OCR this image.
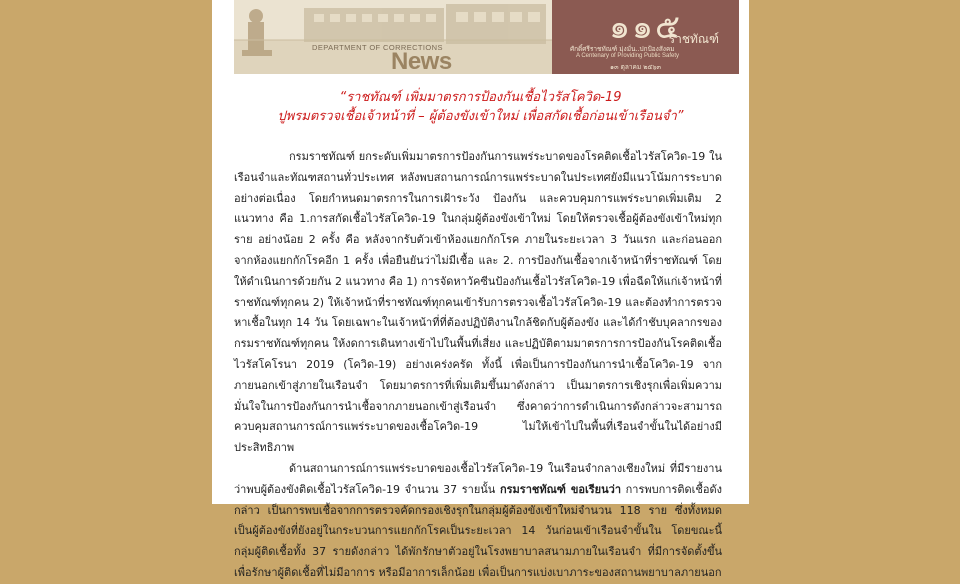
DEPARTMENT OF CORRECTIONS
News
๑๑๕
ราชทัณฑ์
ศักดิ์ศรีราชทัณฑ์ มุ่งมั่น..ปกป้องสังคม
A Centenary of Providing Public Safety
๑๓ ตุลาคม ๒๕๖๓
“ราชทัณฑ์ เพิ่มมาตรการป้องกันเชื้อไวรัสโควิด-19
ปูพรมตรวจเชื้อเจ้าหน้าที่ – ผู้ต้องขังเข้าใหม่ เพื่อสกัดเชื้อก่อนเข้าเรือนจำ”

กรมราชทัณฑ์ ยกระดับเพิ่มมาตรการป้องกันการแพร่ระบาดของโรคติดเชื้อไวรัสโควิด-19 ในเรือนจำและทัณฑสถานทั่วประเทศ หลังพบสถานการณ์การแพร่ระบาดในประเทศยังมีแนวโน้มการระบาดอย่างต่อเนื่อง โดยกำหนดมาตรการในการเฝ้าระวัง ป้องกัน และควบคุมการแพร่ระบาดเพิ่มเติม 2 แนวทาง คือ 1.การสกัดเชื้อไวรัสโควิด-19 ในกลุ่มผู้ต้องขังเข้าใหม่ โดยให้ตรวจเชื้อผู้ต้องขังเข้าใหม่ทุกราย อย่างน้อย 2 ครั้ง คือ หลังจากรับตัวเข้าห้องแยกกักโรค ภายในระยะเวลา 3 วันแรก และก่อนออกจากห้องแยกกักโรคอีก 1 ครั้ง เพื่อยืนยันว่าไม่มีเชื้อ และ 2. การป้องกันเชื้อจากเจ้าหน้าที่ราชทัณฑ์ โดยให้ดำเนินการด้วยกัน 2 แนวทาง คือ 1) การจัดหาวัคซีนป้องกันเชื้อไวรัสโควิด-19 เพื่อฉีดให้แก่เจ้าหน้าที่ราชทัณฑ์ทุกคน 2) ให้เจ้าหน้าที่ราชทัณฑ์ทุกคนเข้ารับการตรวจเชื้อไวรัสโควิด-19 และต้องทำการตรวจหาเชื้อในทุก 14 วัน โดยเฉพาะในเจ้าหน้าที่ที่ต้องปฏิบัติงานใกล้ชิดกับผู้ต้องขัง และได้กำชับบุคลากรของกรมราชทัณฑ์ทุกคน ให้งดการเดินทางเข้าไปในพื้นที่เสี่ยง และปฏิบัติตามมาตรการการป้องกันโรคติดเชื้อไวรัสโคโรนา 2019 (โควิด-19) อย่างเคร่งครัด ทั้งนี้ เพื่อเป็นการป้องกันการนำเชื้อโควิด-19 จากภายนอกเข้าสู่ภายในเรือนจำ โดยมาตรการที่เพิ่มเติมขึ้นมาดังกล่าว เป็นมาตรการเชิงรุกเพื่อเพิ่มความมั่นใจในการป้องกันการนำเชื้อจากภายนอกเข้าสู่เรือนจำ ซึ่งคาดว่าการดำเนินการดังกล่าวจะสามารถควบคุมสถานการณ์การแพร่ระบาดของเชื้อโควิด-19 ไม่ให้เข้าไปในพื้นที่เรือนจำขั้นในได้อย่างมีประสิทธิภาพ

ด้านสถานการณ์การแพร่ระบาดของเชื้อไวรัสโควิด-19 ในเรือนจำกลางเชียงใหม่ ที่มีรายงานว่าพบผู้ต้องขังติดเชื้อไวรัสโควิด-19 จำนวน 37 รายนั้น กรมราชทัณฑ์ ขอเรียนว่า การพบการติดเชื้อดังกล่าว เป็นการพบเชื้อจากการตรวจคัดกรองเชิงรุกในกลุ่มผู้ต้องขังเข้าใหม่จำนวน 118 ราย ซึ่งทั้งหมดเป็นผู้ต้องขังที่ยังอยู่ในกระบวนการแยกกักโรคเป็นระยะเวลา 14 วันก่อนเข้าเรือนจำขั้นใน โดยขณะนี้ กลุ่มผู้ติดเชื้อทั้ง 37 รายดังกล่าว ได้พักรักษาตัวอยู่ในโรงพยาบาลสนามภายในเรือนจำ ที่มีการจัดตั้งขึ้นเพื่อรักษาผู้ติดเชื้อที่ไม่มีอาการ หรือมีอาการเล็กน้อย เพื่อเป็นการแบ่งเบาภาระของสถานพยาบาลภายนอก
